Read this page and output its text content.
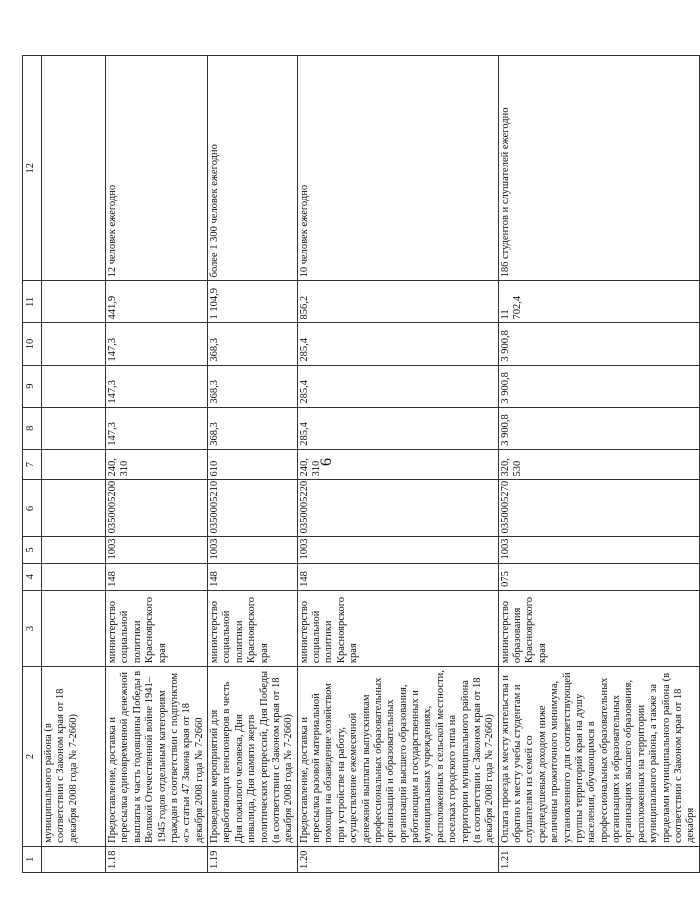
6
1	2	3	4	5	6	7	8	9	10	11	12
	муниципального района (в соответствии с Законом края от 18 декабря 2008 года № 7-2660)										
1.18	Предоставление, доставка и пересылка единовременной денежной выплаты к часть годовщины Победы в Великой Отечественной войне 1941–1945 годов отдельным категориям граждан в соответствии с подпунктом «г» статьи 47 Закона края от 18 декабря 2008 года № 7-2660	министерство социальной политики Красноярского края	148	1003	0350005200	240, 310	147,3	147,3	147,3	441,9	12 человек ежегодно
1.19	Проведение мероприятий для неработающих пенсионеров в честь Дня пожилого человека, Дня инвалида, Дня памяти жертв политических репрессий, Дня Победы (в соответствии с Законом края от 18 декабря 2008 года № 7-2660)	министерство социальной политики Красноярского края	148	1003	0350005210	610	368,3	368,3	368,3	1 104,9	более 1 300 человек ежегодно
1.20	Предоставление, доставка и пересылка разовой материальной помощи на обзаведение хозяйством при устройстве на работу, осуществление ежемесячной денежной выплаты выпускникам профессиональных образовательных организаций и образовательных организаций высшего образования, работающим в государственных и муниципальных учреждениях, расположенных в сельской местности, поселках городского типа на территории муниципального района (в соответствии с Законом края от 18 декабря 2008 года № 7-2660)	министерство социальной политики Красноярского края	148	1003	0350005220	240, 310	285,4	285,4	285,4	856,2	10 человек ежегодно
1.21	Оплата проезда к месту жительства и обратно к месту учебы студентам и слушателям из семей со среднедушевым доходом ниже величины прожиточного минимума, установленного для соответствующей группы территорий края на душу населения, обучающимся в профессиональных образовательных организациях и образовательных организациях высшего образования, расположенных на территории муниципального района, а также за пределами муниципального района (в соответствии с Законом края от 18 декабря	министерство образования Красноярского края	075	1003	0350005270	320, 530	3 900,8	3 900,8	3 900,8	11 702,4	186 студентов и слушателей ежегодно
